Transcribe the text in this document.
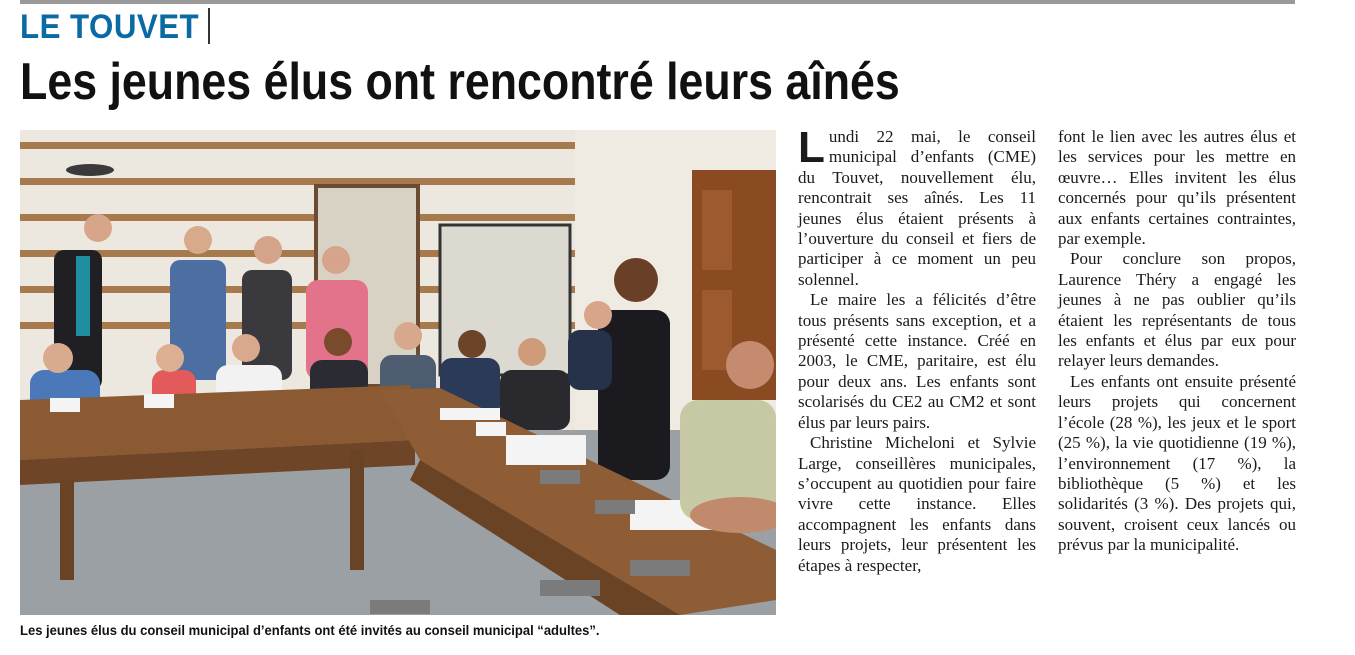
LE TOUVET
Les jeunes élus ont rencontré leurs aînés
Les jeunes élus du conseil municipal d’enfants ont été invités au conseil municipal “adultes”.

Lundi 22 mai, le conseil municipal d’enfants (CME) du Touvet, nouvellement élu, rencontrait ses aînés. Les 11 jeunes élus étaient présents à l’ouverture du conseil et fiers de participer à ce moment un peu solennel.

Le maire les a félicités d’être tous présents sans exception, et a présenté cette instance. Créé en 2003, le CME, paritaire, est élu pour deux ans. Les enfants sont scolarisés du CE2 au CM2 et sont élus par leurs pairs.

Christine Micheloni et Sylvie Large, conseillères municipales, s’occupent au quotidien pour faire vivre cette instance. Elles accompagnent les enfants dans leurs projets, leur présentent les étapes à respecter,

font le lien avec les autres élus et les services pour les mettre en œuvre… Elles invitent les élus concernés pour qu’ils présentent aux enfants certaines contraintes, par exemple.

Pour conclure son propos, Laurence Théry a engagé les jeunes à ne pas oublier qu’ils étaient les représentants de tous les enfants et élus par eux pour relayer leurs demandes.

Les enfants ont ensuite présenté leurs projets qui concernent l’école (28 %), les jeux et le sport (25 %), la vie quotidienne (19 %), l’environnement (17 %), la bibliothèque (5 %) et les solidarités (3 %). Des projets qui, souvent, croisent ceux lancés ou prévus par la municipalité.
